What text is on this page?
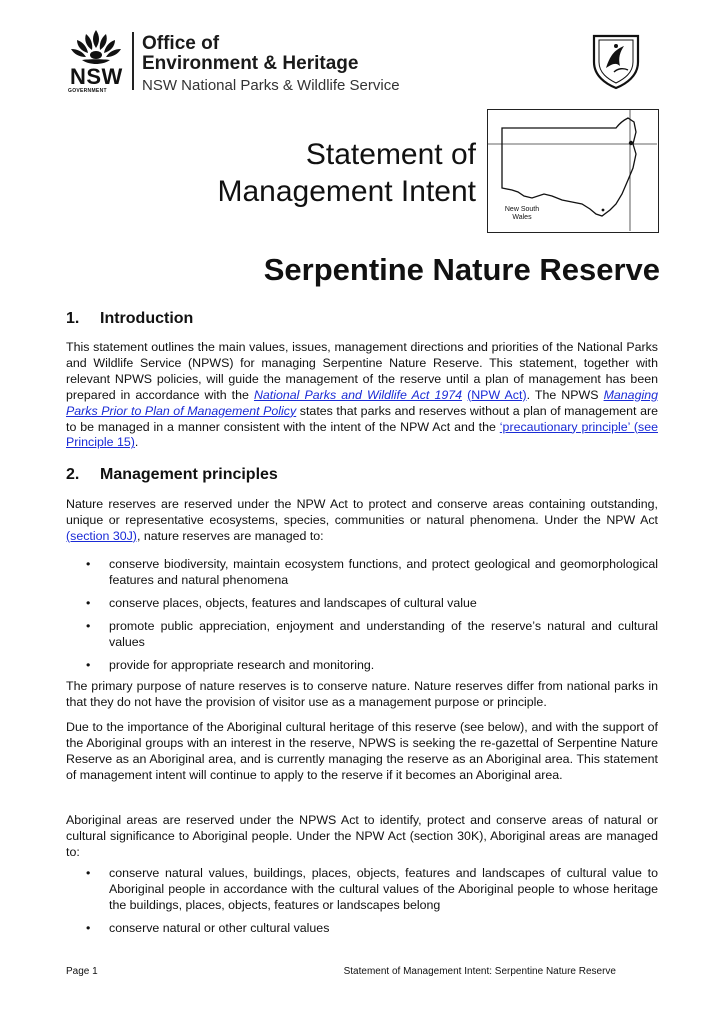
NSW
GOVERNMENT
Office of
Environment & Heritage
NSW National Parks & Wildlife Service
Statement of
Management Intent
New South Wales
Serpentine Nature Reserve
1. Introduction

This statement outlines the main values, issues, management directions and priorities of the National Parks and Wildlife Service (NPWS) for managing Serpentine Nature Reserve. This statement, together with relevant NPWS policies, will guide the management of the reserve until a plan of management has been prepared in accordance with the National Parks and Wildlife Act 1974 (NPW Act). The NPWS Managing Parks Prior to Plan of Management Policy states that parks and reserves without a plan of management are to be managed in a manner consistent with the intent of the NPW Act and the ‘precautionary principle’ (see Principle 15).

2. Management principles

Nature reserves are reserved under the NPW Act to protect and conserve areas containing outstanding, unique or representative ecosystems, species, communities or natural phenomena. Under the NPW Act (section 30J), nature reserves are managed to:

• conserve biodiversity, maintain ecosystem functions, and protect geological and geomorphological features and natural phenomena
• conserve places, objects, features and landscapes of cultural value
• promote public appreciation, enjoyment and understanding of the reserve’s natural and cultural values
• provide for appropriate research and monitoring.

The primary purpose of nature reserves is to conserve nature. Nature reserves differ from national parks in that they do not have the provision of visitor use as a management purpose or principle.

Due to the importance of the Aboriginal cultural heritage of this reserve (see below), and with the support of the Aboriginal groups with an interest in the reserve, NPWS is seeking the re-gazettal of Serpentine Nature Reserve as an Aboriginal area, and is currently managing the reserve as an Aboriginal area. This statement of management intent will continue to apply to the reserve if it becomes an Aboriginal area.

Aboriginal areas are reserved under the NPWS Act to identify, protect and conserve areas of natural or cultural significance to Aboriginal people. Under the NPW Act (section 30K), Aboriginal areas are managed to:

• conserve natural values, buildings, places, objects, features and landscapes of cultural value to Aboriginal people in accordance with the cultural values of the Aboriginal people to whose heritage the buildings, places, objects, features or landscapes belong
• conserve natural or other cultural values
Page 1	Statement of Management Intent: Serpentine Nature Reserve
